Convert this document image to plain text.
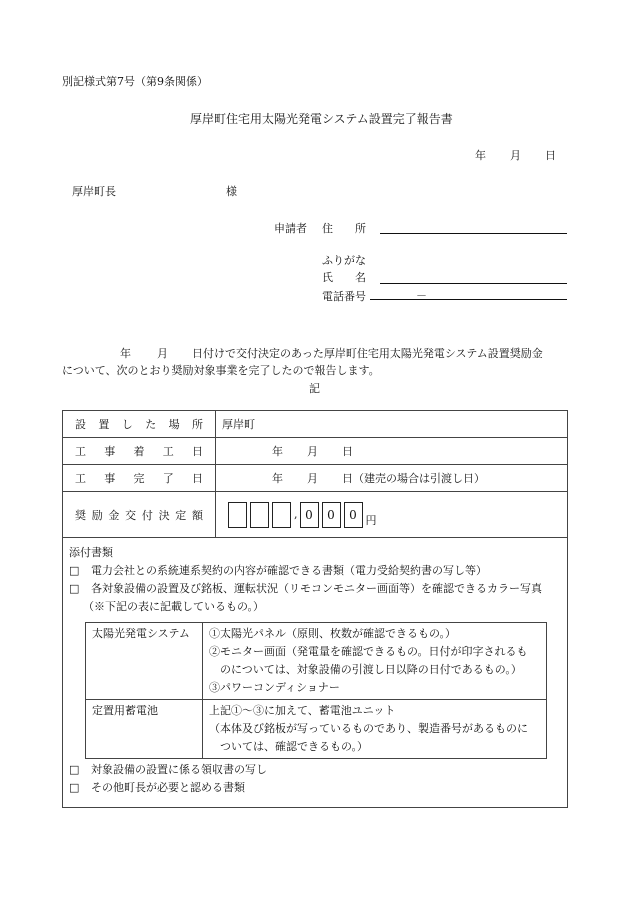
別記様式第7号（第9条関係）
厚岸町住宅用太陽光発電システム設置完了報告書
年 月 日
厚岸町長	様
申請者 住　　所
ふりがな
氏　　名
電話番号	－
年 月 日付けで交付決定のあった厚岸町住宅用太陽光発電システム設置奨励金
について、次のとおり奨励対象事業を完了したので報告します。
記
設置した場所	厚岸町
工事着工日	年 月 日
工事完了日	年 月 日（建売の場合は引渡し日）
奨励金交付決定額	, 0 0 0 円

添付書類
□ 電力会社との系統連系契約の内容が確認できる書類（電力受給契約書の写し等）
□ 各対象設備の設置及び銘板、運転状況（リモコンモニター画面等）を確認できるカラー写真
（※下記の表に記載しているもの。）
太陽光発電システム	①太陽光パネル（原則、枚数が確認できるもの。）
②モニター画面（発電量を確認できるもの。日付が印字されるも
　のについては、対象設備の引渡し日以降の日付であるもの。）
③パワーコンディショナー

定置用蓄電池	上記①～③に加えて、蓄電池ユニット
（本体及び銘板が写っているものであり、製造番号があるものに
　ついては、確認できるもの。）
□ 対象設備の設置に係る領収書の写し
□ その他町長が必要と認める書類
